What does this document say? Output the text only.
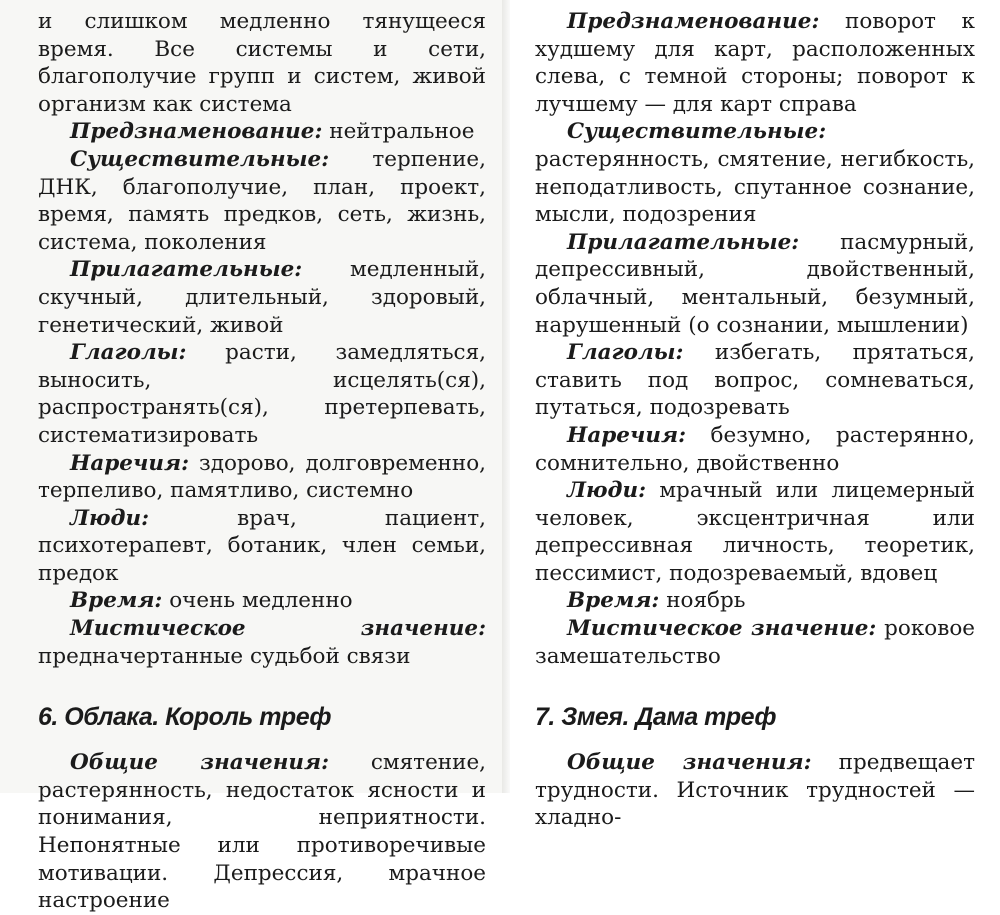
и слишком медленно тянущееся время. Все системы и сети, благополучие групп и систем, живой организм как система

Предзнаменование: нейтральное

Существительные: терпение, ДНК, благополучие, план, проект, время, память предков, сеть, жизнь, система, поколения

Прилагательные: медленный, скучный, длительный, здоровый, генетический, живой

Глаголы: расти, замедляться, выносить, исцелять(ся), распространять(ся), претерпевать, систематизировать

Наречия: здорово, долговременно, терпеливо, памятливо, системно

Люди: врач, пациент, психотерапевт, ботаник, член семьи, предок

Время: очень медленно

Мистическое значение: предначертанные судьбой связи

6. Облака. Король треф

Общие значения: смятение, растерянность, недостаток ясности и понимания, неприятности. Непонятные или противоречивые мотивации. Депрессия, мрачное настроение

Предзнаменование: поворот к худшему для карт, расположенных слева, с темной стороны; поворот к лучшему — для карт справа

Существительные: растерянность, смятение, негибкость, неподатливость, спутанное сознание, мысли, подозрения

Прилагательные: пасмурный, депрессивный, двойственный, облачный, ментальный, безумный, нарушенный (о сознании, мышлении)

Глаголы: избегать, прятаться, ставить под вопрос, сомневаться, путаться, подозревать

Наречия: безумно, растерянно, сомнительно, двойственно

Люди: мрачный или лицемерный человек, эксцентричная или депрессивная личность, теоретик, пессимист, подозреваемый, вдовец

Время: ноябрь

Мистическое значение: роковое замешательство

7. Змея. Дама треф

Общие значения: предвещает трудности. Источник трудностей — хладно-
